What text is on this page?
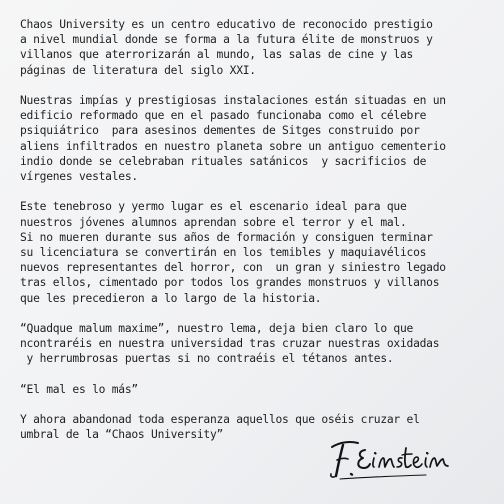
Chaos University es un centro educativo de reconocido prestigio
a nivel mundial donde se forma a la futura élite de monstruos y
villanos que aterrorizarán al mundo, las salas de cine y las
páginas de literatura del siglo XXI.
Nuestras impías y prestigiosas instalaciones están situadas en un
edificio reformado que en el pasado funcionaba como el célebre
psiquiátrico  para asesinos dementes de Sitges construido por
aliens infiltrados en nuestro planeta sobre un antiguo cementerio
indio donde se celebraban rituales satánicos  y sacrificios de
vírgenes vestales.
Este tenebroso y yermo lugar es el escenario ideal para que
nuestros jóvenes alumnos aprendan sobre el terror y el mal.
Si no mueren durante sus años de formación y consiguen terminar
su licenciatura se convertirán en los temibles y maquiavélicos
nuevos representantes del horror, con  un gran y siniestro legado
tras ellos, cimentado por todos los grandes monstruos y villanos
que les precedieron a lo largo de la historia.
“Quadque malum maxime”, nuestro lema, deja bien claro lo que
ncontraréis en nuestra universidad tras cruzar nuestras oxidadas
y herrumbrosas puertas si no contraéis el tétanos antes.
“El mal es lo más”
Y ahora abandonad toda esperanza aquellos que oséis cruzar el
umbral de la “Chaos University”
